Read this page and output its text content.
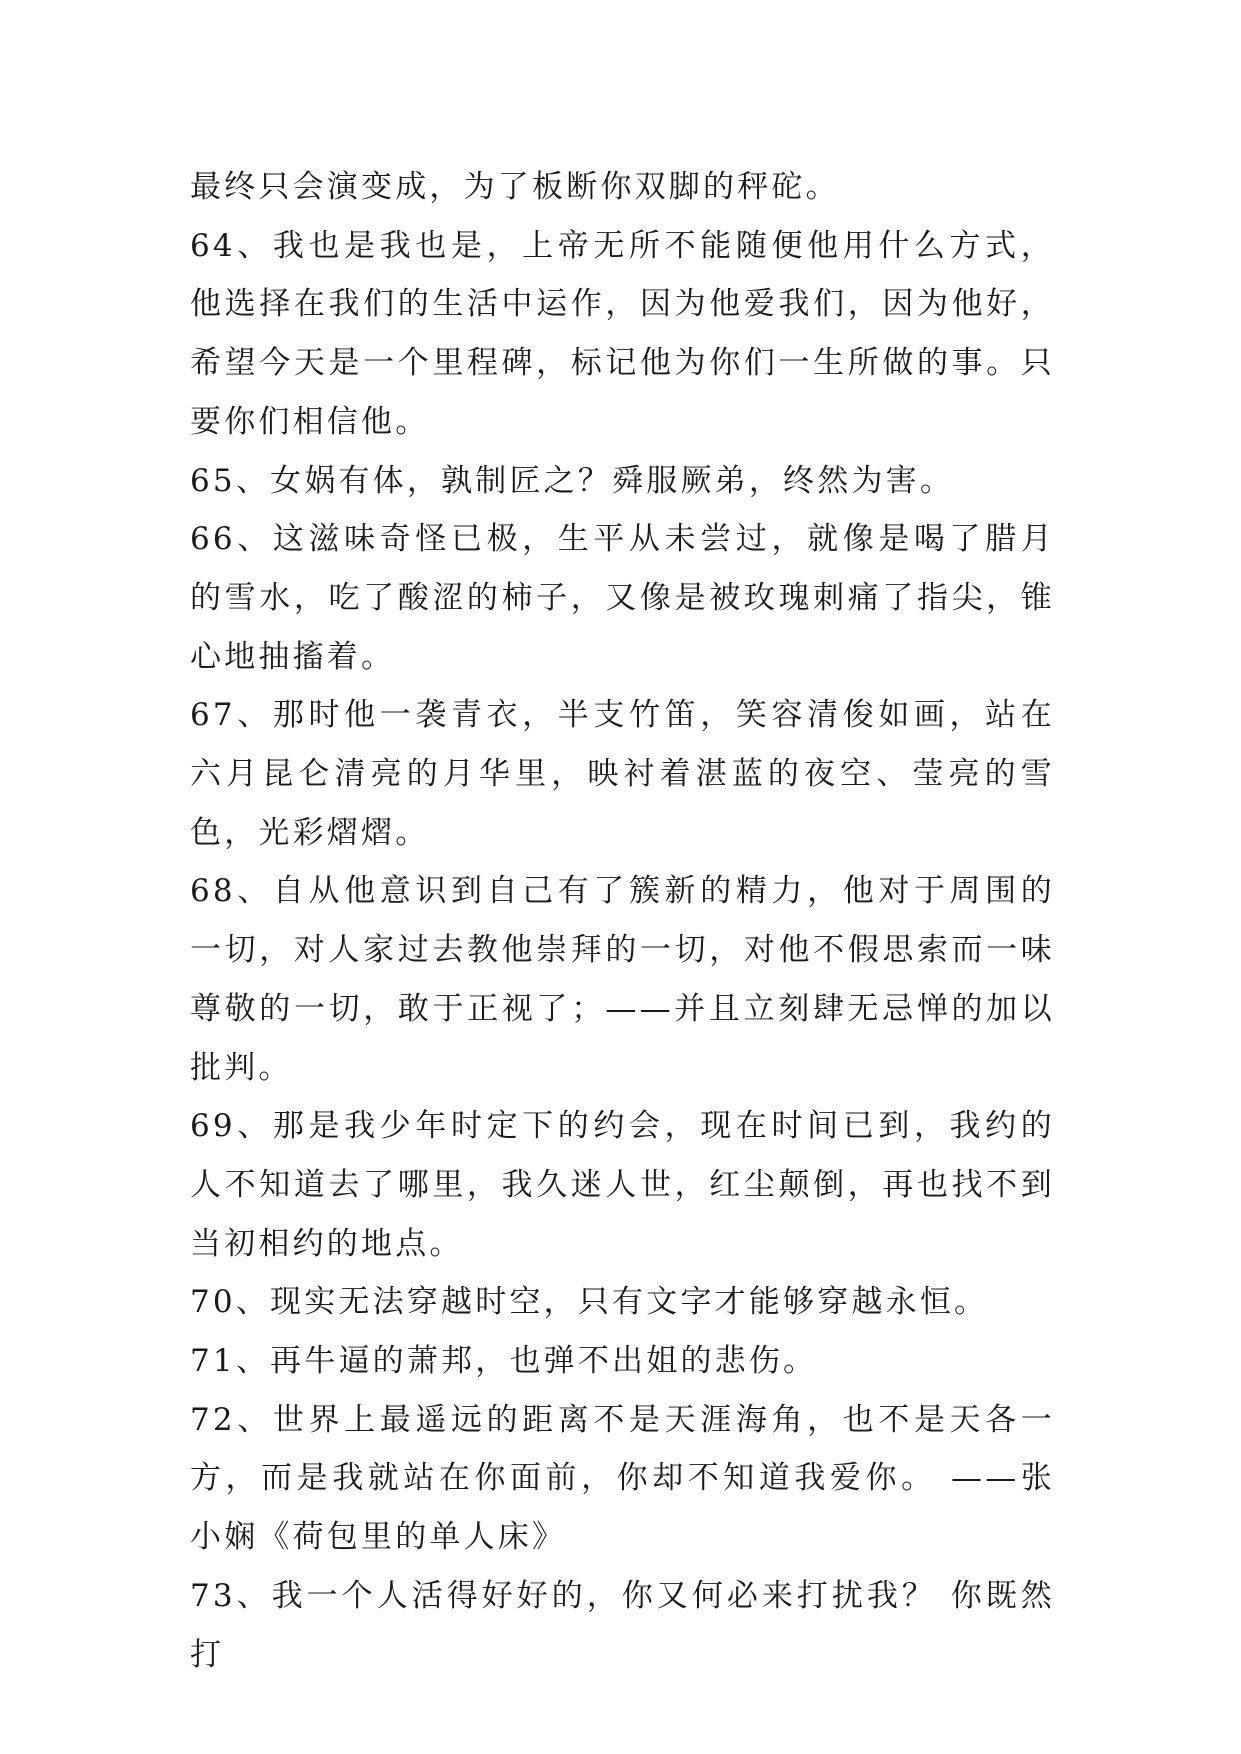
最终只会演变成，为了板断你双脚的秤砣。

64、我也是我也是，上帝无所不能随便他用什么方式，他选择在我们的生活中运作，因为他爱我们，因为他好，希望今天是一个里程碑，标记他为你们一生所做的事。只要你们相信他。

65、女娲有体，孰制匠之？舜服厥弟，终然为害。

66、这滋味奇怪已极，生平从未尝过，就像是喝了腊月的雪水，吃了酸涩的柿子，又像是被玫瑰刺痛了指尖，锥心地抽搐着。

67、那时他一袭青衣，半支竹笛，笑容清俊如画，站在六月昆仑清亮的月华里，映衬着湛蓝的夜空、莹亮的雪色，光彩熠熠。

68、自从他意识到自己有了簇新的精力，他对于周围的一切，对人家过去教他崇拜的一切，对他不假思索而一味尊敬的一切，敢于正视了；——并且立刻肆无忌惮的加以批判。

69、那是我少年时定下的约会，现在时间已到，我约的人不知道去了哪里，我久迷人世，红尘颠倒，再也找不到当初相约的地点。

70、现实无法穿越时空，只有文字才能够穿越永恒。

71、再牛逼的萧邦，也弹不出姐的悲伤。

72、世界上最遥远的距离不是天涯海角，也不是天各一方，而是我就站在你面前，你却不知道我爱你。 ——张小娴《荷包里的单人床》

73、我一个人活得好好的，你又何必来打扰我？ 你既然打
